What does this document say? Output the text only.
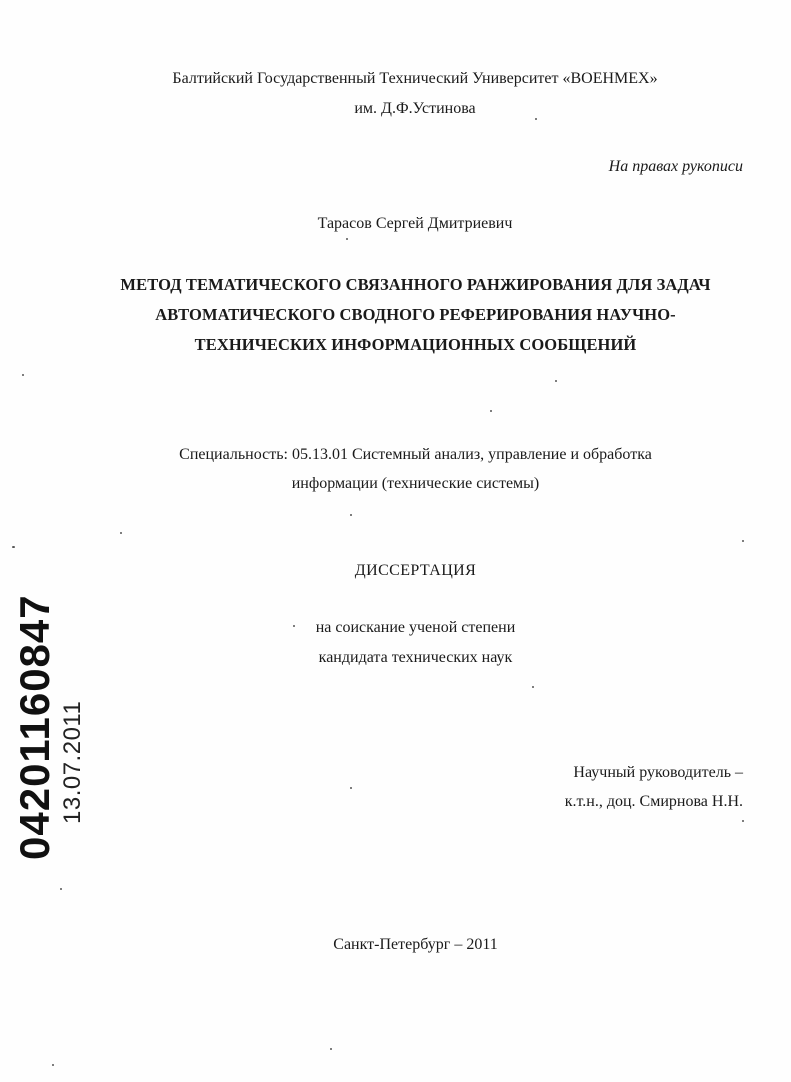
Балтийский Государственный Технический Университет «ВОЕНМЕХ»
им. Д.Ф.Устинова
На правах рукописи
Тарасов Сергей Дмитриевич
МЕТОД ТЕМАТИЧЕСКОГО СВЯЗАННОГО РАНЖИРОВАНИЯ ДЛЯ ЗАДАЧ
АВТОМАТИЧЕСКОГО СВОДНОГО РЕФЕРИРОВАНИЯ НАУЧНО-
ТЕХНИЧЕСКИХ ИНФОРМАЦИОННЫХ СООБЩЕНИЙ
Специальность: 05.13.01 Системный анализ, управление и обработка
информации (технические системы)
ДИССЕРТАЦИЯ
на соискание ученой степени
кандидата технических наук
Научный руководитель –
к.т.н., доц. Смирнова Н.Н.
Санкт-Петербург – 2011
04201160847 13.07.2011
